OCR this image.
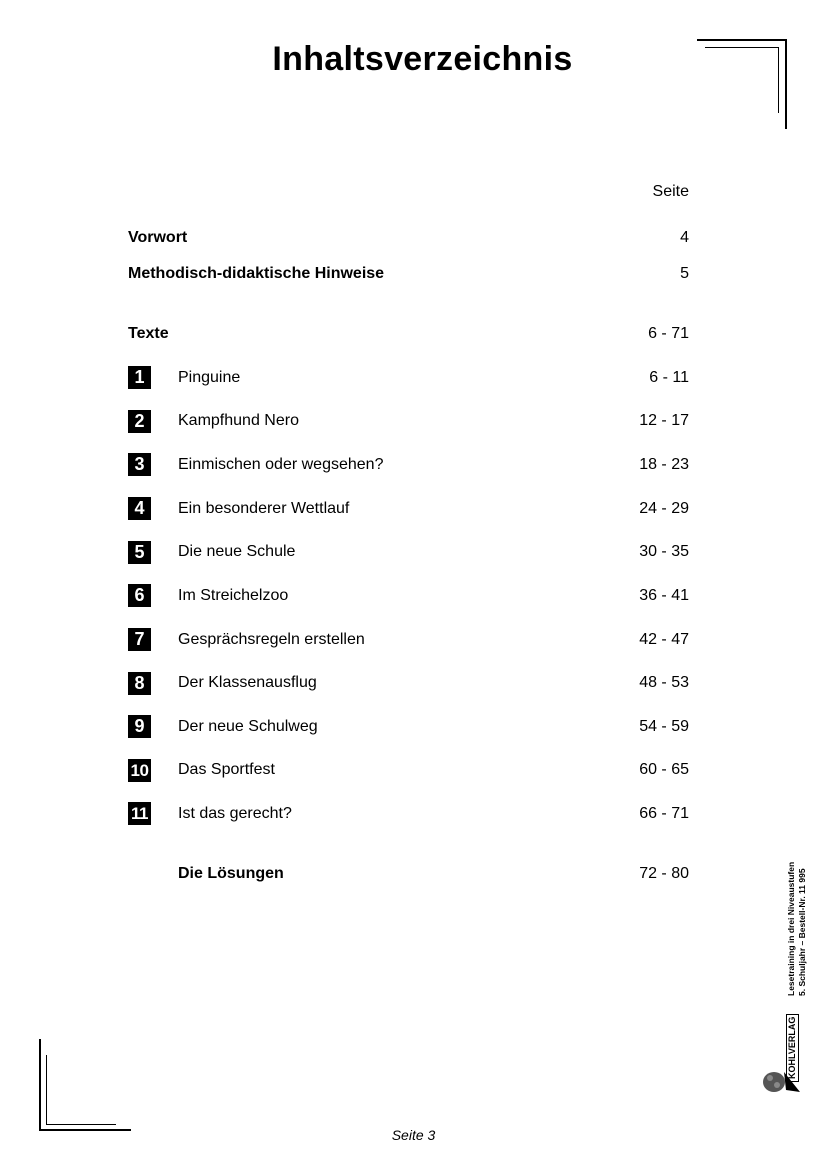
Inhaltsverzeichnis
Seite
Vorwort	4
Methodisch-didaktische Hinweise	5
Texte	6 - 71
1	Pinguine	6 - 11
2	Kampfhund Nero	12 - 17
3	Einmischen oder wegsehen?	18 - 23
4	Ein besonderer Wettlauf	24 - 29
5	Die neue Schule	30 - 35
6	Im Streichelzoo	36 - 41
7	Gesprächsregeln erstellen	42 - 47
8	Der Klassenausflug	48 - 53
9	Der neue Schulweg	54 - 59
10 Das Sportfest	60 - 65
11 Ist das gerecht?	66 - 71
Die Lösungen	72 - 80	Lesetraining in drei Niveaustufen 5. Schuljahr – Bestell-Nr. 11 995
KOHLVERLAG
Seite 3
